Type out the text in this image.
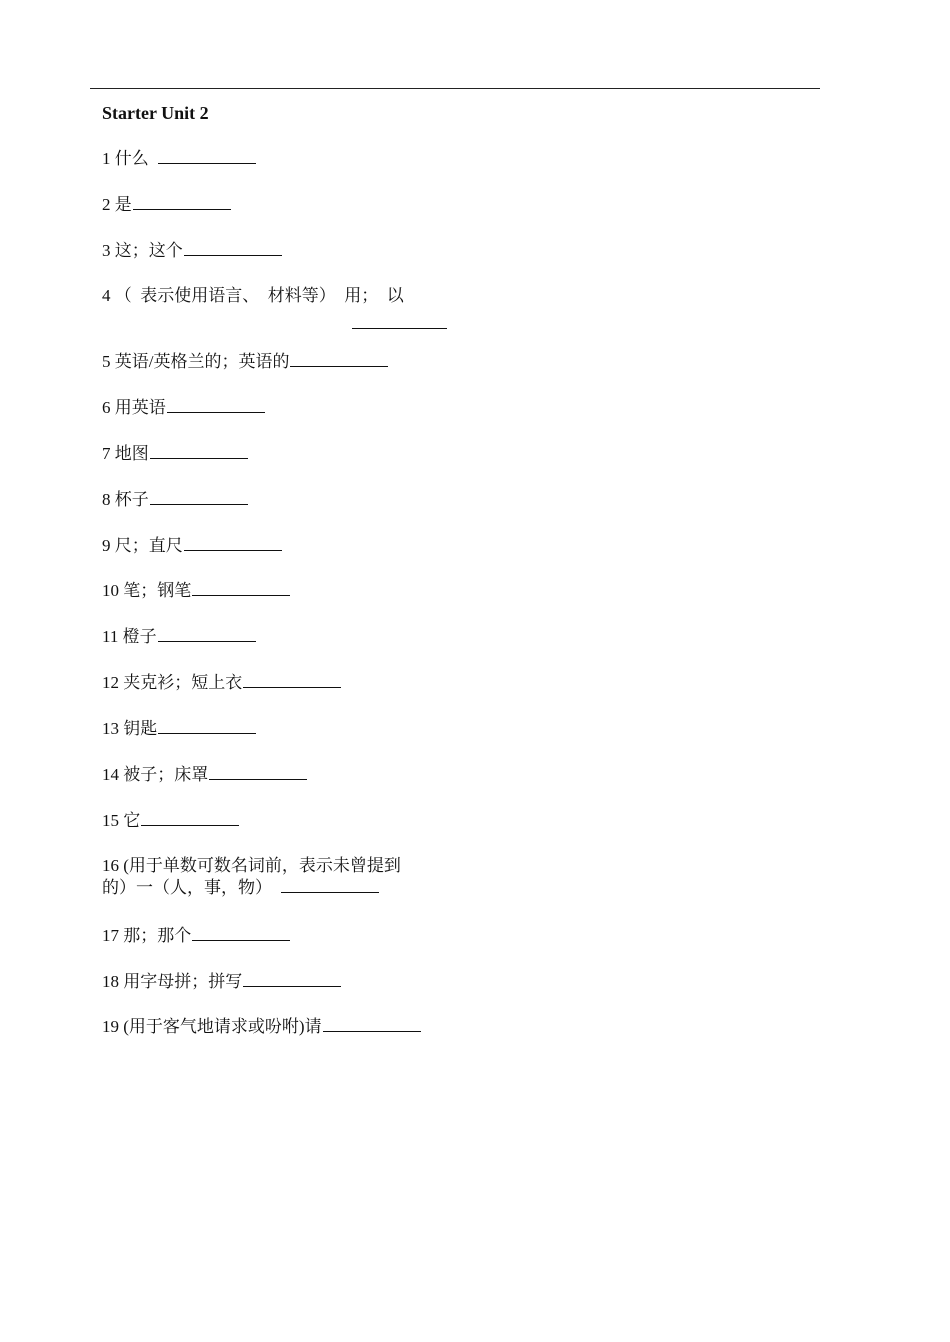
Starter Unit 2
1 什么
2 是
3 这；这个
4 （  表示使用语言、  材料等）  用；  以
5 英语/英格兰的；英语的
6 用英语
7 地图
8 杯子
9 尺；直尺
10 笔；钢笔
11 橙子
12 夹克衫；短上衣
13 钥匙
14 被子；床罩
15 它
16 (用于单数可数名词前，表示未曾提到
的）一（人，事，物）
17 那；那个
18 用字母拼；拼写
19 (用于客气地请求或吩咐)请
